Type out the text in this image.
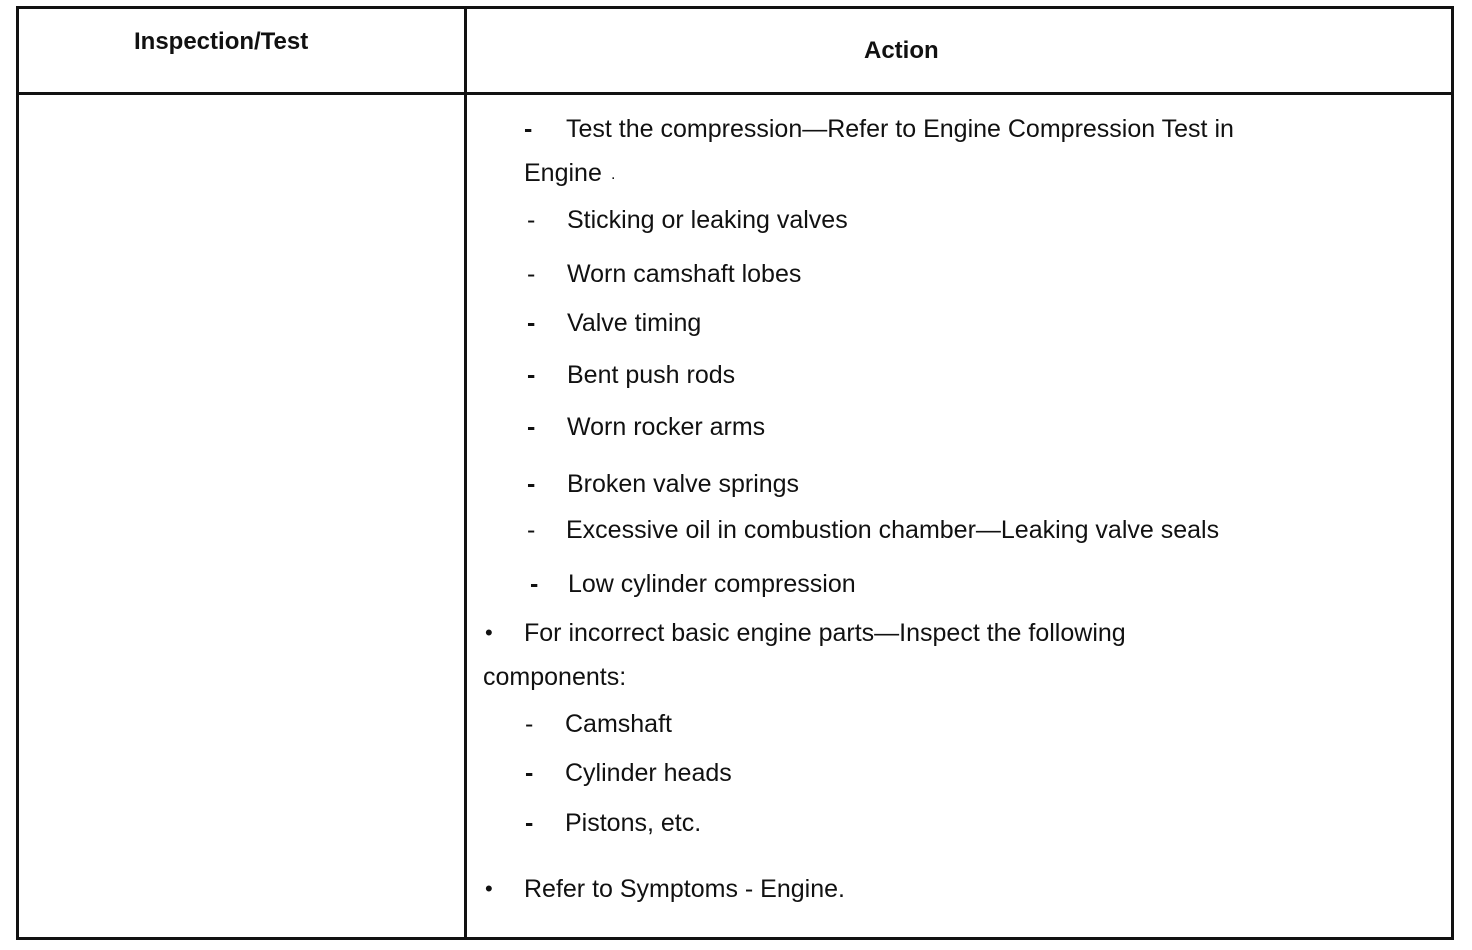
Inspection/Test	Action
- Test the compression—Refer to Engine Compression Test in
Engine .
- Sticking or leaking valves
- Worn camshaft lobes
- Valve timing
- Bent push rods
- Worn rocker arms
- Broken valve springs
- Excessive oil in combustion chamber—Leaking valve seals
- Low cylinder compression
• For incorrect basic engine parts—Inspect the following
components:
- Camshaft
- Cylinder heads
- Pistons, etc.
• Refer to Symptoms - Engine.
